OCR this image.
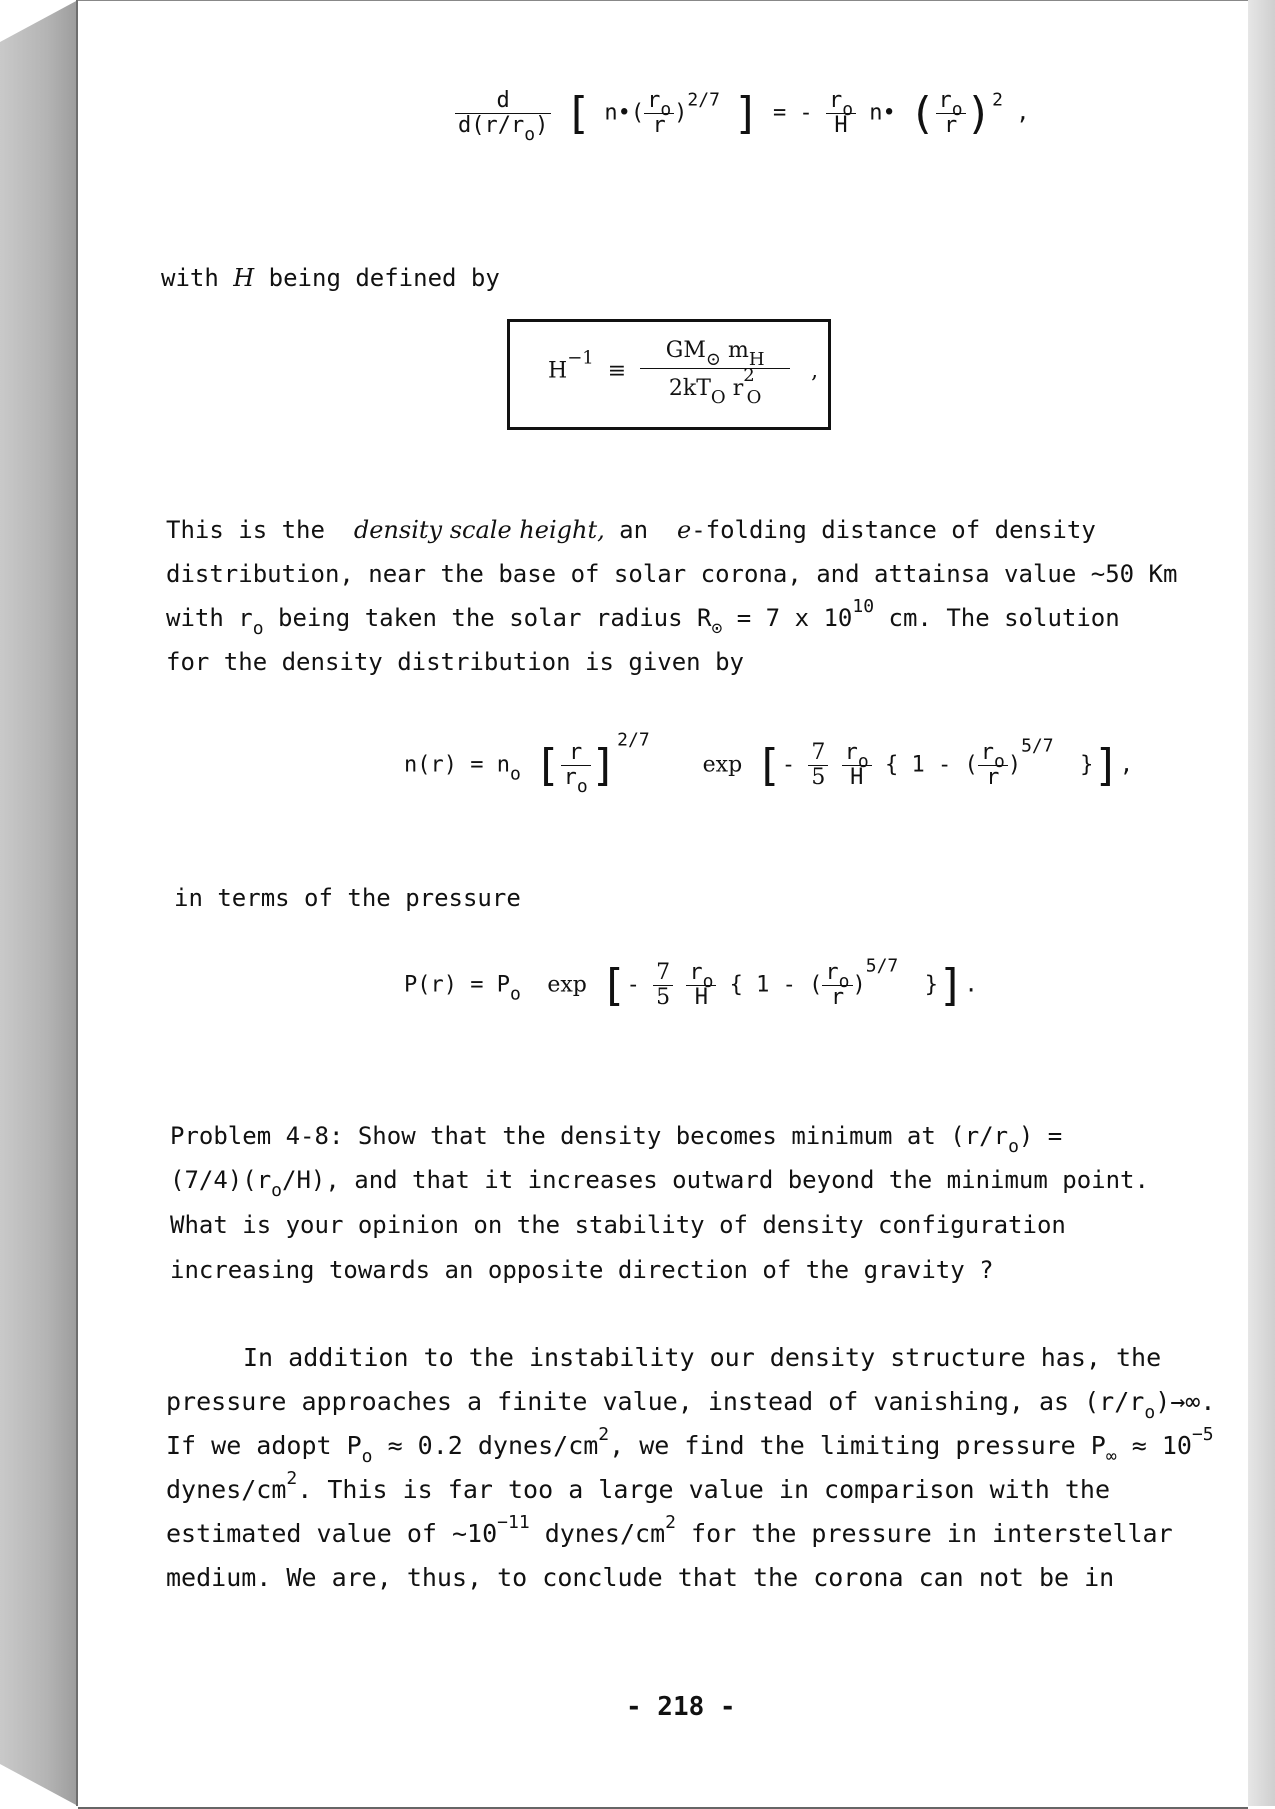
$\frac{d}{d(r/r_o)}$ [ n•( $\frac{r_o}{r} )^{2/7}$ ] = - $\frac{r_o}{H}$ n• ( $\frac{r_o}{r} )^2$ ,
with H being defined by
$H^{-1} \equiv \frac{GM_⊙ m_H}{2kT_O r^2_O}$ ,
This is the density scale height, an e-folding distance of density
distribution, near the base of solar corona, and attainsa value ~50 Km
with $r_o$ being taken the solar radius $R_⊙ = 7$ x $10^{10}$ cm. The solution
for the density distribution is given by
$n(r) = n_o$ [ $\frac{r}{r_o} ]^{2/7}$    exp [- $\frac{7}{5}$
$\frac{r_o}{H}$ { 1 - ( $\frac{r_o}{r} )^{5/7}$  }],
in terms of the pressure
$P(r) = P_o$ exp [- $\frac{7}{5}$
$\frac{r_o}{H}$ { 1 - ( $\frac{r_o}{r} )^{5/7}$  }].
Problem 4-8: Show that the density becomes minimum at $(r/r_o)$ =
$(7/4)(r_o/H)$, and that it increases outward beyond the minimum point.
What is your opinion on the stability of density configuration
increasing towards an opposite direction of the gravity ?
In addition to the instability our density structure has, the
pressure approaches a finite value, instead of vanishing, as $(r/r_o)\to\infty$.
If we adopt $P_o \approx 0.2$ dynes/$cm^2$, we find the limiting pressure $P_\infty \approx 10^{-5}$
dynes/$cm^2$. This is far too a large value in comparison with the
estimated value of $\sim 10^{-11}$ dynes/$cm^2$ for the pressure in interstellar
medium. We are, thus, to conclude that the corona can not be in
- 218 -
